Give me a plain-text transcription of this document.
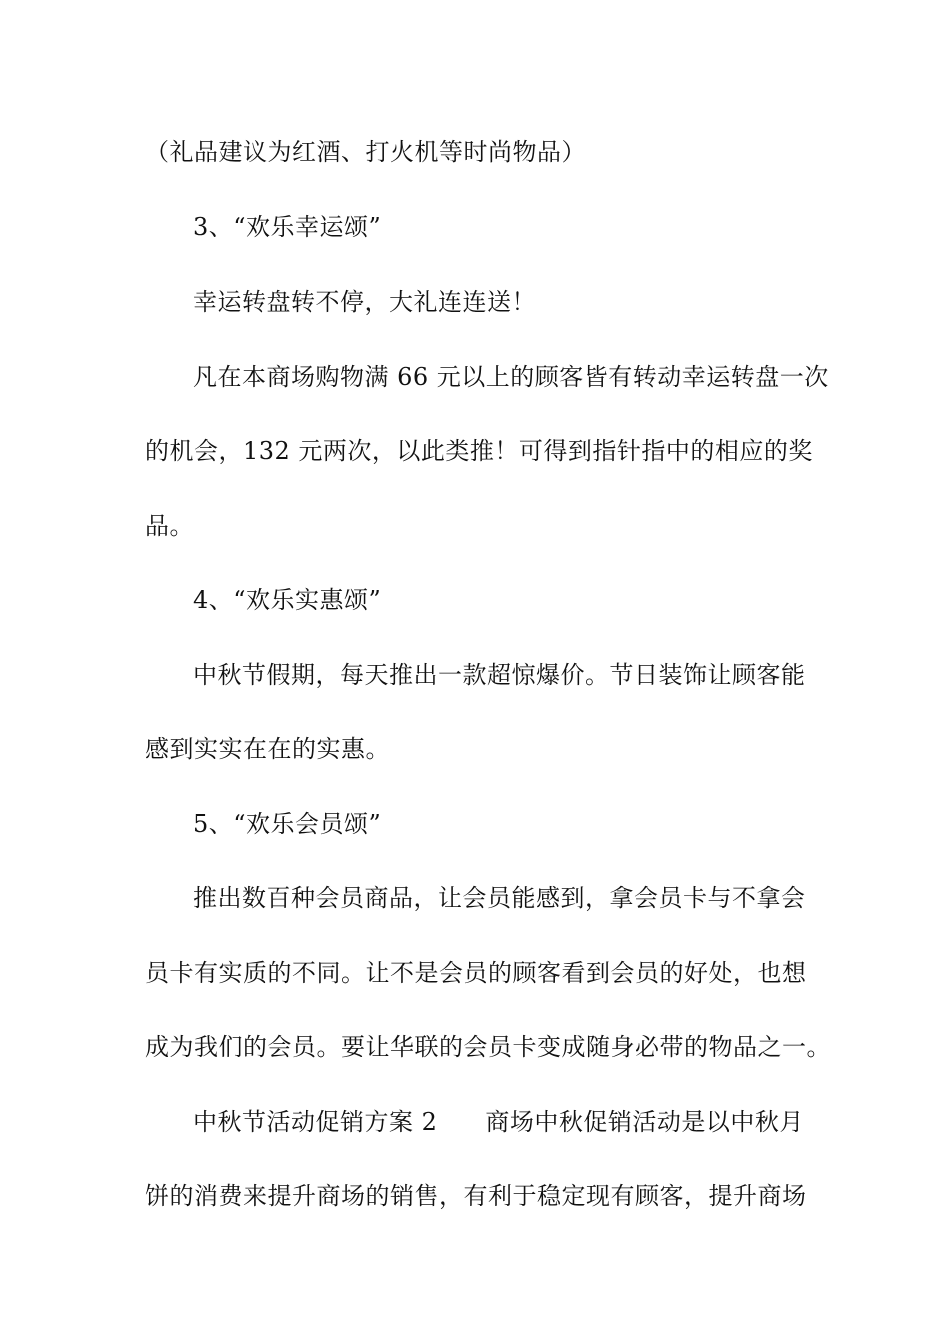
（礼品建议为红酒、打火机等时尚物品）
3、“欢乐幸运颂”
幸运转盘转不停，大礼连连送！
凡在本商场购物满 66 元以上的顾客皆有转动幸运转盘一次
的机会，132 元两次，以此类推！可得到指针指中的相应的奖
品。
4、“欢乐实惠颂”
中秋节假期，每天推出一款超惊爆价。节日装饰让顾客能
感到实实在在的实惠。
5、“欢乐会员颂”
推出数百种会员商品，让会员能感到，拿会员卡与不拿会
员卡有实质的不同。让不是会员的顾客看到会员的好处，也想
成为我们的会员。要让华联的会员卡变成随身必带的物品之一。
中秋节活动促销方案 2 商场中秋促销活动是以中秋月
饼的消费来提升商场的销售，有利于稳定现有顾客，提升商场
